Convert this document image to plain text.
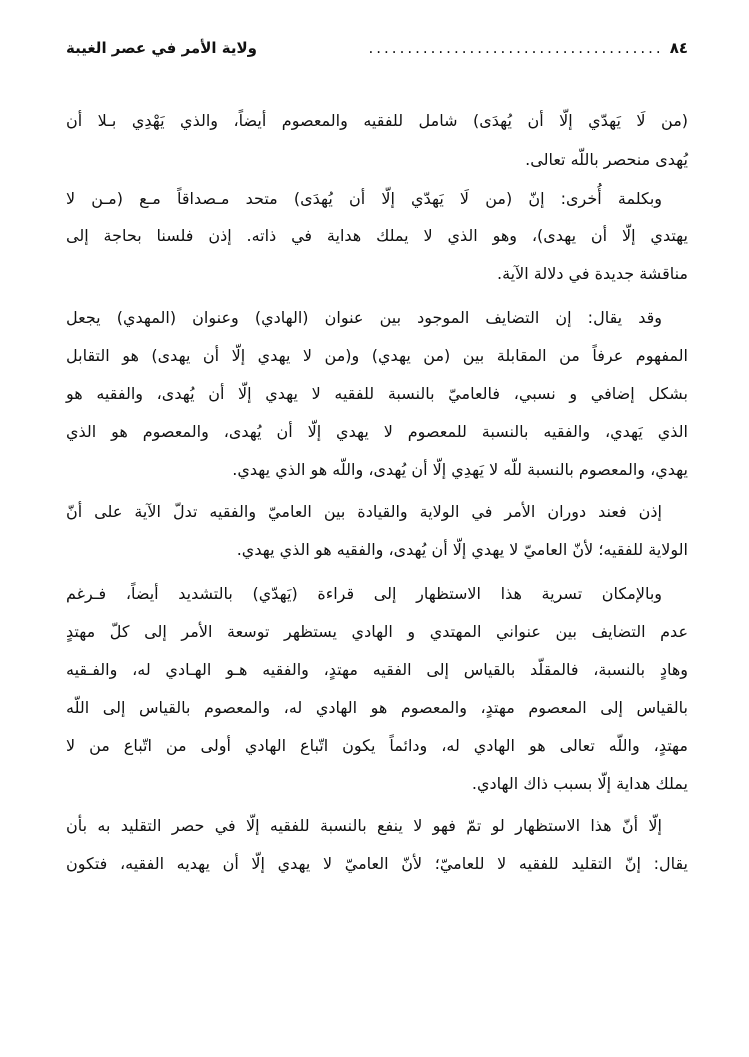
٨٤
......................................
ولاية الأمر في عصر الغيبة
(من لَا يَهدّي إلّا أن يُهدَى) شامل للفقيه والمعصوم أيضاً، والذي يَهْدِي بـلا أن
يُهدى منحصر باللّه تعالى.
وبكلمة أُخرى: إنّ (من لَا يَهدّي إلّا أن يُهدَى) متحد مـصداقاً مـع (مـن لا
يهتدي إلّا أن يهدى)، وهو الذي لا يملك هداية في ذاته. إذن فلسنا بحاجة إلى
مناقشة جديدة في دلالة الآية.
وقد يقال: إن التضايف الموجود بين عنوان (الهادي) وعنوان (المهدي) يجعل
المفهوم عرفاً من المقابلة بين (من يهدي) و(من لا يهدي إلّا أن يهدى) هو التقابل
بشكل إضافي و نسبي، فالعاميّ بالنسبة للفقيه لا يهدي إلّا أن يُهدى، والفقيه هو
الذي يَهدي، والفقيه بالنسبة للمعصوم لا يهدي إلّا أن يُهدى، والمعصوم هو الذي
يهدي، والمعصوم بالنسبة للّه لا يَهدِي إلّا أن يُهدى، واللّه هو الذي يهدي.
إذن فعند دوران الأمر في الولاية والقيادة بين العاميّ والفقيه تدلّ الآية على أنّ
الولاية للفقيه؛ لأنّ العاميّ لا يهدي إلّا أن يُهدى، والفقيه هو الذي يهدي.
وبالإمكان تسرية هذا الاستظهار إلى قراءة (يَهدّي) بالتشديد أيضاً، فـرغم
عدم التضايف بين عنواني المهتدي و الهادي يستظهر توسعة الأمر إلى كلّ مهتدٍ
وهادٍ بالنسبة، فالمقلّد بالقياس إلى الفقيه مهتدٍ، والفقيه هـو الهـادي له، والفـقيه
بالقياس إلى المعصوم مهتدٍ، والمعصوم هو الهادي له، والمعصوم بالقياس إلى اللّه
مهتدٍ، واللّه تعالى هو الهادي له، ودائماً يكون اتّباع الهادي أولى من اتّباع من لا
يملك هداية إلّا بسبب ذاك الهادي.
إلّا أنّ هذا الاستظهار لو تمّ فهو لا ينفع بالنسبة للفقيه إلّا في حصر التقليد به بأن
يقال: إنّ التقليد للفقيه لا للعاميّ؛ لأنّ العاميّ لا يهدي إلّا أن يهديه الفقيه، فتكون
